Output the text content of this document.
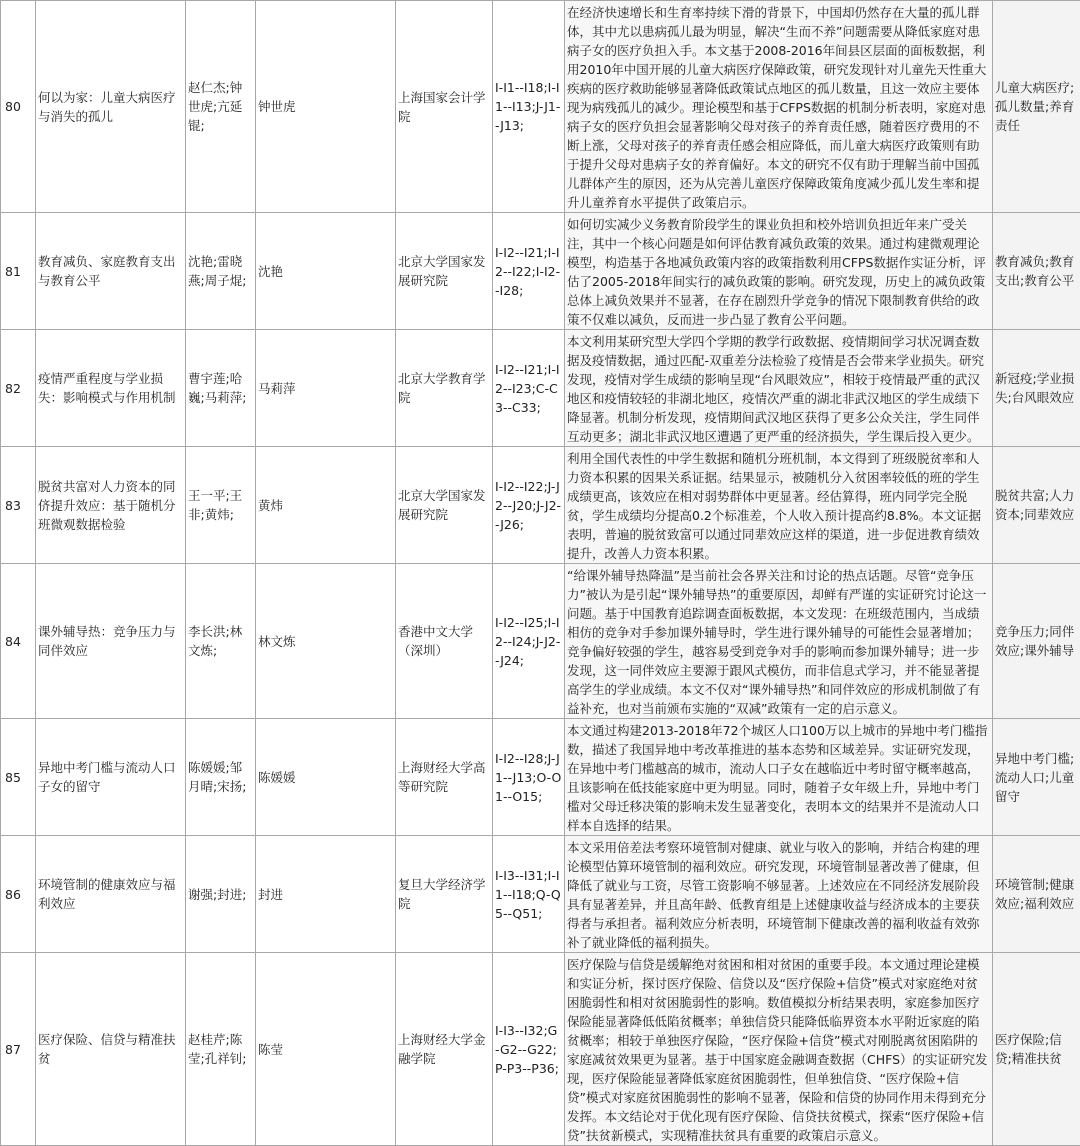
80	何以为家：儿童大病医疗与消失的孤儿	赵仁杰;钟世虎;亢延锟;	钟世虎	上海国家会计学院	I-I1--I18;I-I1--I13;J-J1--J13;	在经济快速增长和生育率持续下滑的背景下，中国却仍然存在大量的孤儿群体，其中尤以患病孤儿最为明显，解决“生而不养”问题需要从降低家庭对患病子女的医疗负担入手。本文基于2008-2016年间县区层面的面板数据，利用2010年中国开展的儿童大病医疗保障政策，研究发现针对儿童先天性重大疾病的医疗救助能够显著降低政策试点地区的孤儿数量，且这一效应主要体现为病残孤儿的减少。理论模型和基于CFPS数据的机制分析表明，家庭对患病子女的医疗负担会显著影响父母对孩子的养育责任感，随着医疗费用的不断上涨，父母对孩子的养育责任感会相应降低，而儿童大病医疗政策则有助于提升父母对患病子女的养育偏好。本文的研究不仅有助于理解当前中国孤儿群体产生的原因，还为从完善儿童医疗保障政策角度减少孤儿发生率和提升儿童养育水平提供了政策启示。	儿童大病医疗;孤儿数量;养育责任
81	教育减负、家庭教育支出与教育公平	沈艳;雷晓燕;周子焜;	沈艳	北京大学国家发展研究院	I-I2--I21;I-I2--I22;I-I2--I28;	如何切实减少义务教育阶段学生的课业负担和校外培训负担近年来广受关注，其中一个核心问题是如何评估教育减负政策的效果。通过构建微观理论模型，构造基于各地减负政策内容的政策指数利用CFPS数据作实证分析，评估了2005-2018年间实行的减负政策的影响。研究发现，历史上的减负政策总体上减负效果并不显著，在存在剧烈升学竞争的情况下限制教育供给的政策不仅难以减负，反而进一步凸显了教育公平问题。	教育减负;教育支出;教育公平
82	疫情严重程度与学业损失：影响模式与作用机制	曹宇莲;哈巍;马莉萍;	马莉萍	北京大学教育学院	I-I2--I21;I-I2--I23;C-C3--C33;	本文利用某研究型大学四个学期的教学行政数据、疫情期间学习状况调查数据及疫情数据，通过匹配-双重差分法检验了疫情是否会带来学业损失。研究发现，疫情对学生成绩的影响呈现“台风眼效应”，相较于疫情最严重的武汉地区和疫情较轻的非湖北地区，疫情次严重的湖北非武汉地区的学生成绩下降显著。机制分析发现，疫情期间武汉地区获得了更多公众关注，学生同伴互动更多；湖北非武汉地区遭遇了更严重的经济损失，学生课后投入更少。	新冠疫;学业损失;台风眼效应
83	脱贫共富对人力资本的同侪提升效应：基于随机分班微观数据检验	王一平;王非;黄炜;	黄炜	北京大学国家发展研究院	I-I2--I22;J-J2--J20;J-J2--J26;	利用全国代表性的中学生数据和随机分班机制，本文得到了班级脱贫率和人力资本积累的因果关系证据。结果显示，被随机分入贫困率较低的班的学生成绩更高，该效应在相对弱势群体中更显著。经估算得，班内同学完全脱贫，学生成绩均分提高0.2个标准差，个人收入预计提高约8.8%。本文证据表明，普遍的脱贫致富可以通过同辈效应这样的渠道，进一步促进教育绩效提升，改善人力资本积累。	脱贫共富;人力资本;同辈效应
84	课外辅导热：竞争压力与同伴效应	李长洪;林文炼;	林文炼	香港中文大学（深圳）	I-I2--I25;I-I2--I24;J-J2--J24;	“给课外辅导热降温”是当前社会各界关注和讨论的热点话题。尽管“竞争压力”被认为是引起“课外辅导热”的重要原因，却鲜有严谨的实证研究讨论这一问题。基于中国教育追踪调查面板数据，本文发现：在班级范围内，当成绩相仿的竞争对手参加课外辅导时，学生进行课外辅导的可能性会显著增加；竞争偏好较强的学生，越容易受到竞争对手的影响而参加课外辅导；进一步发现，这一同伴效应主要源于跟风式模仿，而非信息式学习，并不能显著提高学生的学业成绩。本文不仅对“课外辅导热”和同伴效应的形成机制做了有益补充，也对当前颁布实施的“双减”政策有一定的启示意义。	竞争压力;同伴效应;课外辅导
85	异地中考门槛与流动人口子女的留守	陈媛媛;邹月晴;宋扬;	陈媛媛	上海财经大学高等研究院	I-I2--I28;J-J1--J13;O-O1--O15;	本文通过构建2013-2018年72个城区人口100万以上城市的异地中考门槛指数，描述了我国异地中考改革推进的基本态势和区域差异。实证研究发现，在异地中考门槛越高的城市，流动人口子女在越临近中考时留守概率越高，且该影响在低技能家庭中更为明显。同时，随着子女年级上升，异地中考门槛对父母迁移决策的影响未发生显著变化，表明本文的结果并不是流动人口样本自选择的结果。	异地中考门槛;流动人口;儿童留守
86	环境管制的健康效应与福利效应	谢强;封进;	封进	复旦大学经济学院	I-I3--I31;I-I1--I18;Q-Q5--Q51;	本文采用倍差法考察环境管制对健康、就业与收入的影响，并结合构建的理论模型估算环境管制的福利效应。研究发现，环境管制显著改善了健康，但降低了就业与工资，尽管工资影响不够显著。上述效应在不同经济发展阶段具有显著差异，并且高年龄、低教育组是上述健康收益与经济成本的主要获得者与承担者。福利效应分析表明，环境管制下健康改善的福利收益有效弥补了就业降低的福利损失。	环境管制;健康效应;福利效应
87	医疗保险、信贷与精准扶贫	赵桂芹;陈莹;孔祥钊;	陈莹	上海财经大学金融学院	I-I3--I32;G-G2--G22;P-P3--P36;	医疗保险与信贷是缓解绝对贫困和相对贫困的重要手段。本文通过理论建模和实证分析，探讨医疗保险、信贷以及“医疗保险+信贷”模式对家庭绝对贫困脆弱性和相对贫困脆弱性的影响。数值模拟分析结果表明，家庭参加医疗保险能显著降低低陷贫概率；单独信贷只能降低临界资本水平附近家庭的陷贫概率；相较于单独医疗保险，“医疗保险+信贷”模式对刚脱离贫困陷阱的家庭减贫效果更为显著。基于中国家庭金融调查数据（CHFS）的实证研究发现，医疗保险能显著降低家庭贫困脆弱性，但单独信贷、“医疗保险+信贷”模式对家庭贫困脆弱性的影响不显著，保险和信贷的协同作用未得到充分发挥。本文结论对于优化现有医疗保险、信贷扶贫模式，探索“医疗保险+信贷”扶贫新模式，实现精准扶贫具有重要的政策启示意义。	医疗保险;信贷;精准扶贫
